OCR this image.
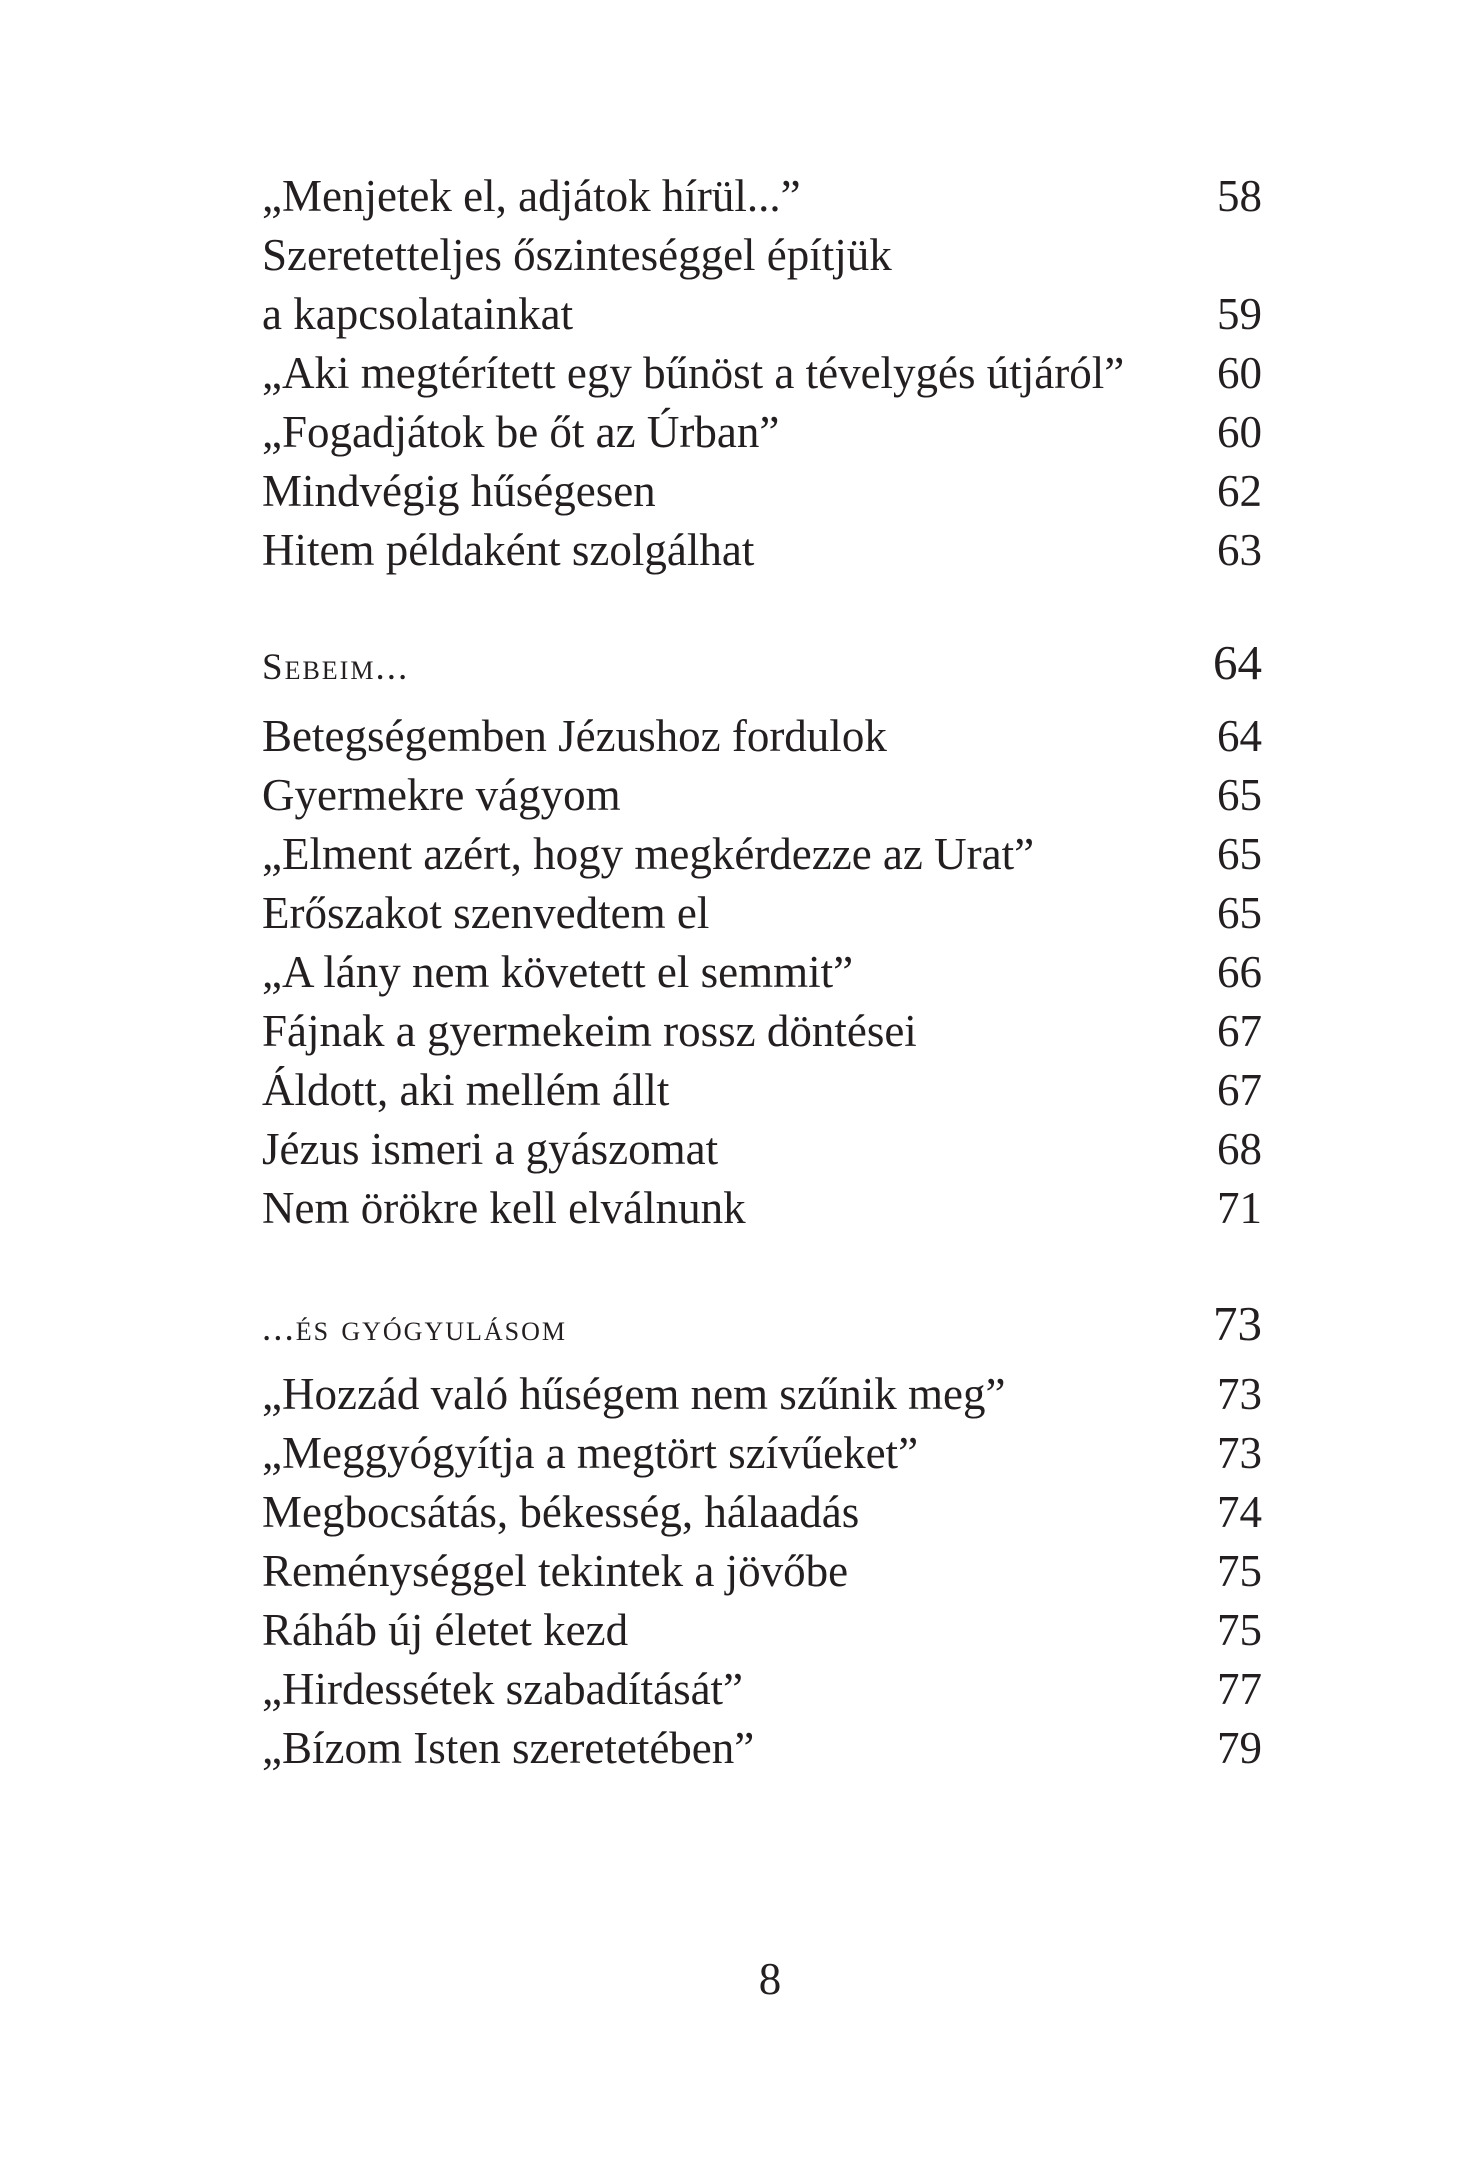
„Menjetek el, adjátok hírül...”	58
Szeretetteljes őszinteséggel építjük
a kapcsolatainkat	59
„Aki megtérített egy bűnöst a tévelygés útjáról”	60
„Fogadjátok be őt az Úrban”	60
Mindvégig hűségesen	62
Hitem példaként szolgálhat	63
Sebeim...	64
Betegségemben Jézushoz fordulok	64
Gyermekre vágyom	65
„Elment azért, hogy megkérdezze az Urat”	65
Erőszakot szenvedtem el	65
„A lány nem követett el semmit”	66
Fájnak a gyermekeim rossz döntései	67
Áldott, aki mellém állt	67
Jézus ismeri a gyászomat	68
Nem örökre kell elválnunk	71
...és gyógyulásom	73
„Hozzád való hűségem nem szűnik meg”	73
„Meggyógyítja a megtört szívűeket”	73
Megbocsátás, békesség, hálaadás	74
Reménységgel tekintek a jövőbe	75
Ráháb új életet kezd	75
„Hirdessétek szabadítását”	77
„Bízom Isten szeretetében”	79
8
